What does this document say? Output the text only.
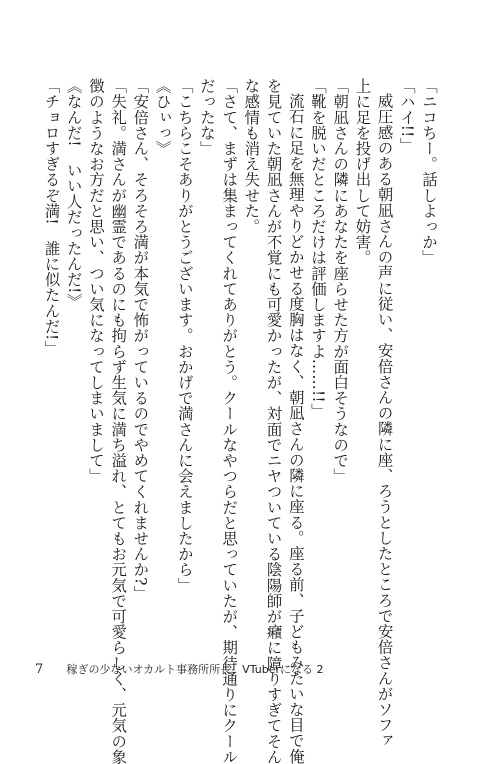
「ニコちー。話しよっか」
「ハイ!!」
威圧感のある朝凪さんの声に従い、安倍さんの隣に座、ろうとしたところで安倍さんがソファ
上に足を投げ出して妨害。
「朝凪さんの隣にあなたを座らせた方が面白そうなので」
「靴を脱いだところだけは評価しますよ……!!」
流石に足を無理やりどかせる度胸はなく、朝凪さんの隣に座る。座る前、子どもみたいな目で俺
を見ていた朝凪さんが不覚にも可愛かったが、対面でニヤついている陰陽師が癪に障りすぎてそん
な感情も消え失せた。
「さて、まずは集まってくれてありがとう。クールなやつらだと思っていたが、期待通りにクール
だったな」
「こちらこそありがとうございます。おかげで満さんに会えましたから」
《ひぃっ》
「安倍さん、そろそろ満が本気で怖がっているのでやめてくれませんか?」
「失礼。満さんが幽霊であるのにも拘らず生気に満ち溢れ、とてもお元気で可愛らしく、元気の象
徴のようなお方だと思い、つい気になってしまいまして」
《なんだ!　いい人だったんだ!》
「チョロすぎるぞ満!　誰に似たんだ!」
7 稼ぎの少ないオカルト事務所所長、VTuberになる 2
